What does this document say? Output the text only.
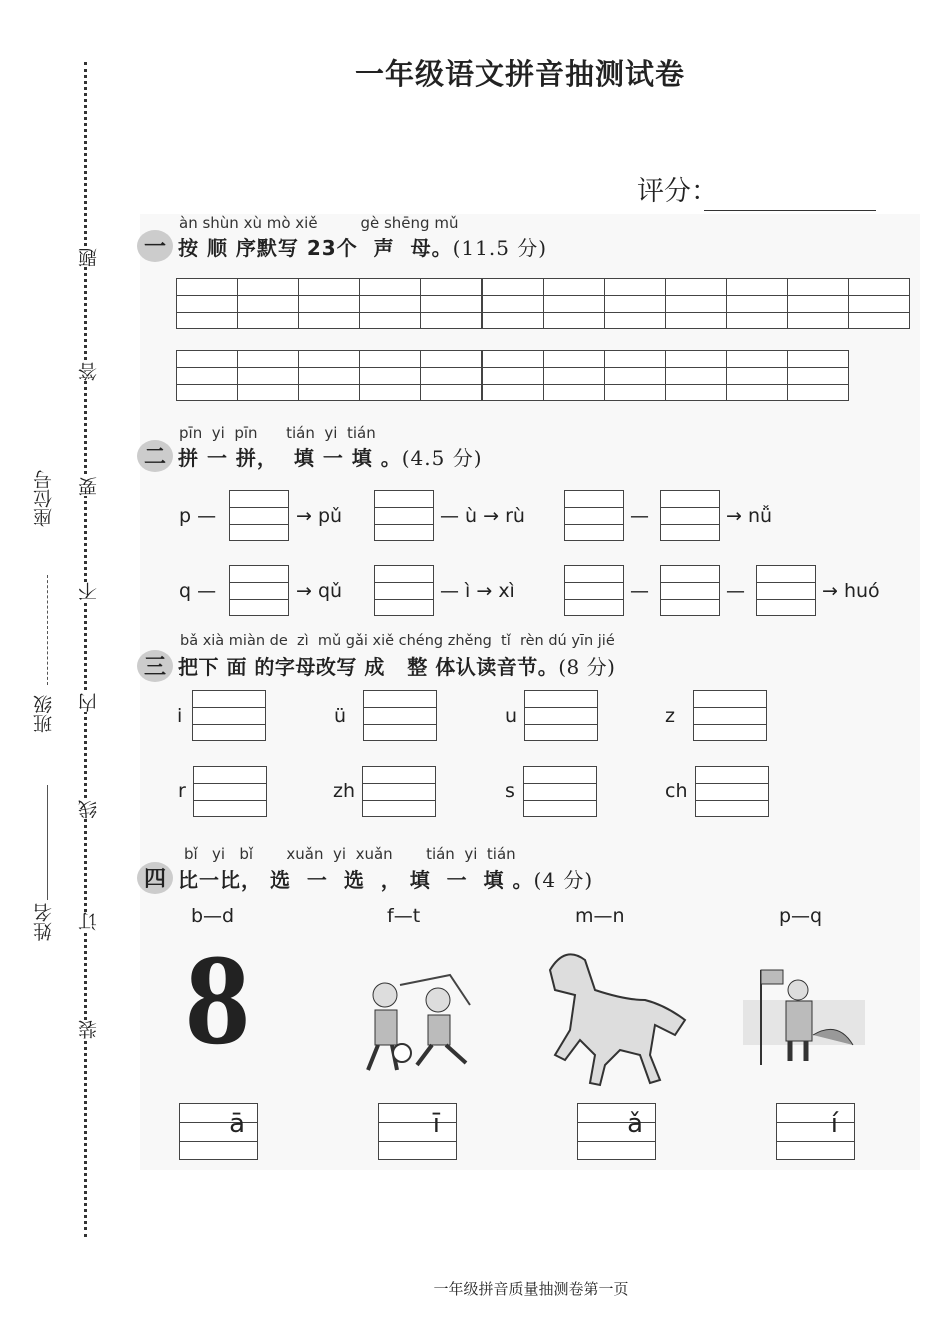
一年级语文拼音抽测试卷
题
答
要
不
内
线
订
装
座位号
班级
姓名
评分：
一
àn shùn xù mò xiě         gè shēng mǔ
按 顺 序默写 23个  声  母。(11.5 分)
二
pīn  yi  pīn      tián  yi  tián
拼 一 拼，  填 一 填 。(4.5 分)
p —	→ pǔ	— ù → rù	—	→ nǚ
q —	→ qǔ	— ì → xì	—	—	→ huó
三
bǎ xià miàn de  zì  mǔ gǎi xiě chéng zhěng  tǐ  rèn dú yīn jié
把下 面 的字母改写 成   整 体认读音节。(8 分)
i	ü	u	z
r	zh	s	ch
四
bǐ   yi   bǐ       xuǎn  yi  xuǎn       tián  yi  tián
比一比， 选  一  选  ， 填  一  填 。(4 分)
b—d	f—t	m—n	p—q
8
ā	ī	ǎ	í
一年级拼音质量抽测卷第一页
